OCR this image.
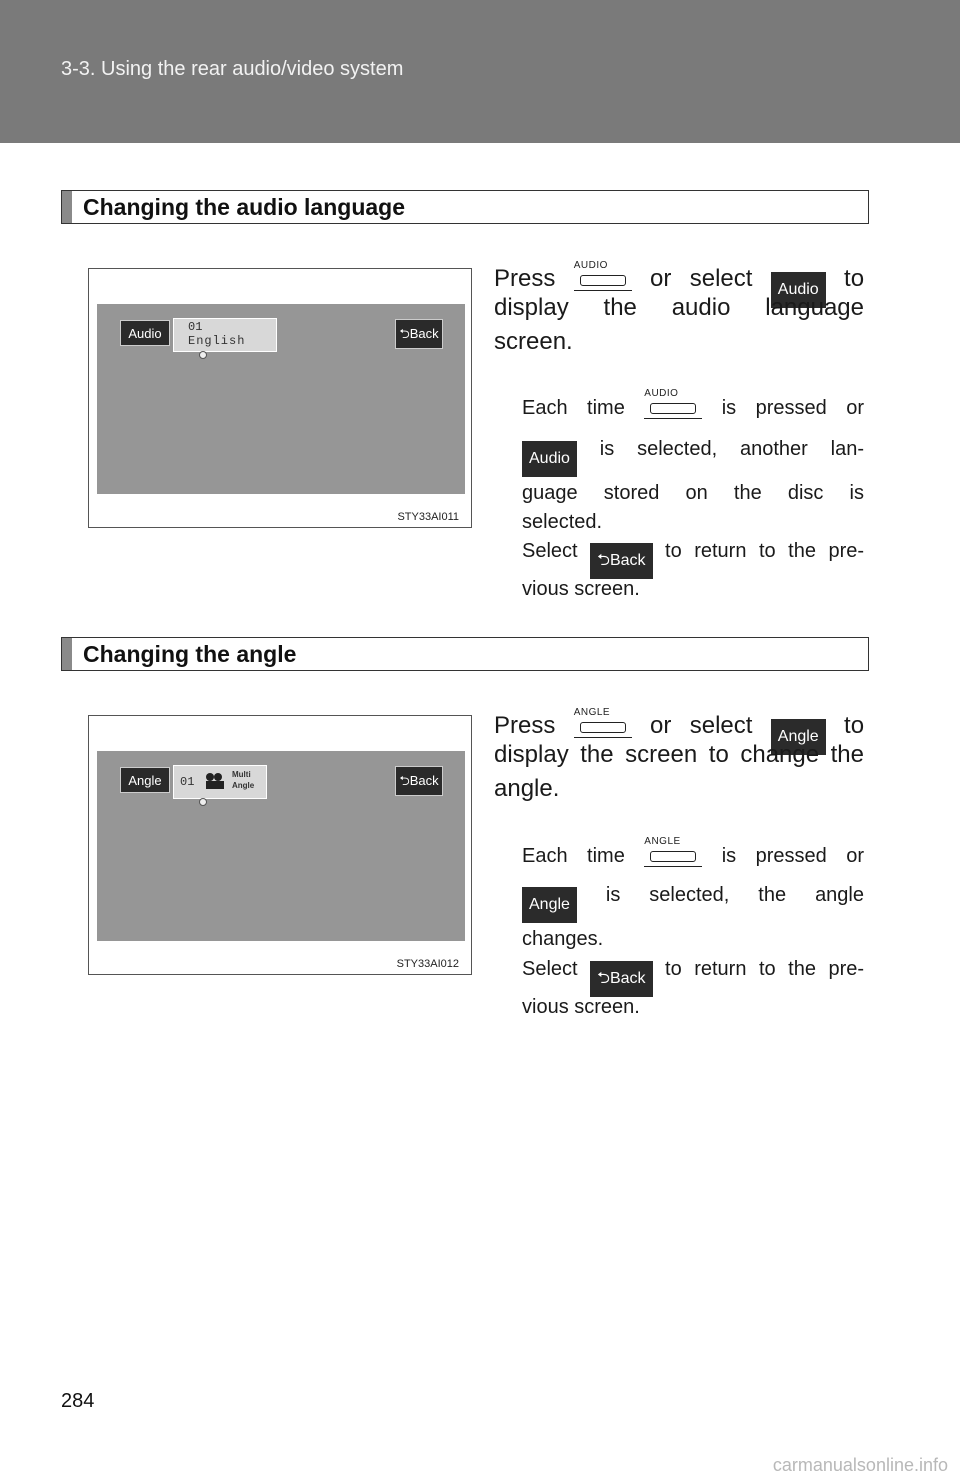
3-3. Using the rear audio/video system
Changing the audio language
Audio	01
English	⮌Back
STY33AI011
Press AUDIO	or select Audio to
display the audio language
screen.
Each time
AUDIO
is pressed or
Audio is selected, another lan-
guage stored on the disc is
selected.
Select ⮌Back to return to the pre-
vious screen.
Changing the angle
Angle	01
Multi
Angle	⮌Back
STY33AI012
Press ANGLE	or select Angle to
display the screen to change the
angle.
Each time
ANGLE
is pressed or
Angle is selected, the angle
changes.
Select ⮌Back to return to the pre-
vious screen.
284
carmanualsonline.info
